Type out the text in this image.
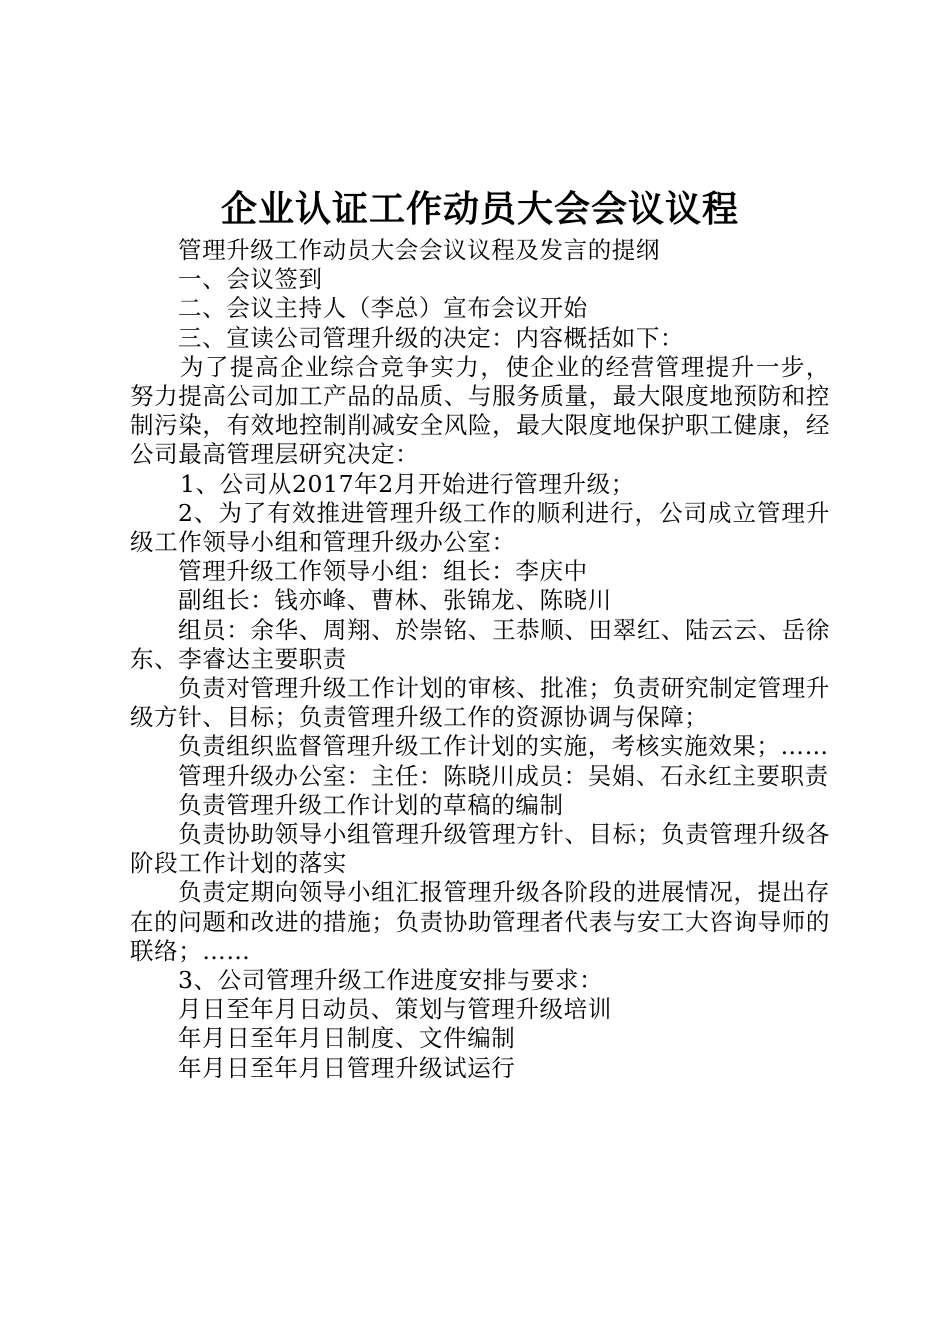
企业认证工作动员大会会议议程

管理升级工作动员大会会议议程及发言的提纲

一、会议签到

二、会议主持人（李总）宣布会议开始

三、宣读公司管理升级的决定：内容概括如下：

为了提高企业综合竞争实力，使企业的经营管理提升一步，努力提高公司加工产品的品质、与服务质量，最大限度地预防和控制污染，有效地控制削减安全风险，最大限度地保护职工健康，经公司最高管理层研究决定：

1、公司从2017年2月开始进行管理升级；

2、为了有效推进管理升级工作的顺利进行，公司成立管理升级工作领导小组和管理升级办公室：

管理升级工作领导小组：组长：李庆中

副组长：钱亦峰、曹林、张锦龙、陈晓川

组员：余华、周翔、於崇铭、王恭顺、田翠红、陆云云、岳徐东、李睿达主要职责

负责对管理升级工作计划的审核、批准；负责研究制定管理升级方针、目标；负责管理升级工作的资源协调与保障；

负责组织监督管理升级工作计划的实施，考核实施效果；……

管理升级办公室：主任：陈晓川成员：吴娟、石永红主要职责

负责管理升级工作计划的草稿的编制

负责协助领导小组管理升级管理方针、目标；负责管理升级各阶段工作计划的落实

负责定期向领导小组汇报管理升级各阶段的进展情况，提出存在的问题和改进的措施；负责协助管理者代表与安工大咨询导师的联络；……

3、公司管理升级工作进度安排与要求：

月日至年月日动员、策划与管理升级培训

年月日至年月日制度、文件编制

年月日至年月日管理升级试运行
